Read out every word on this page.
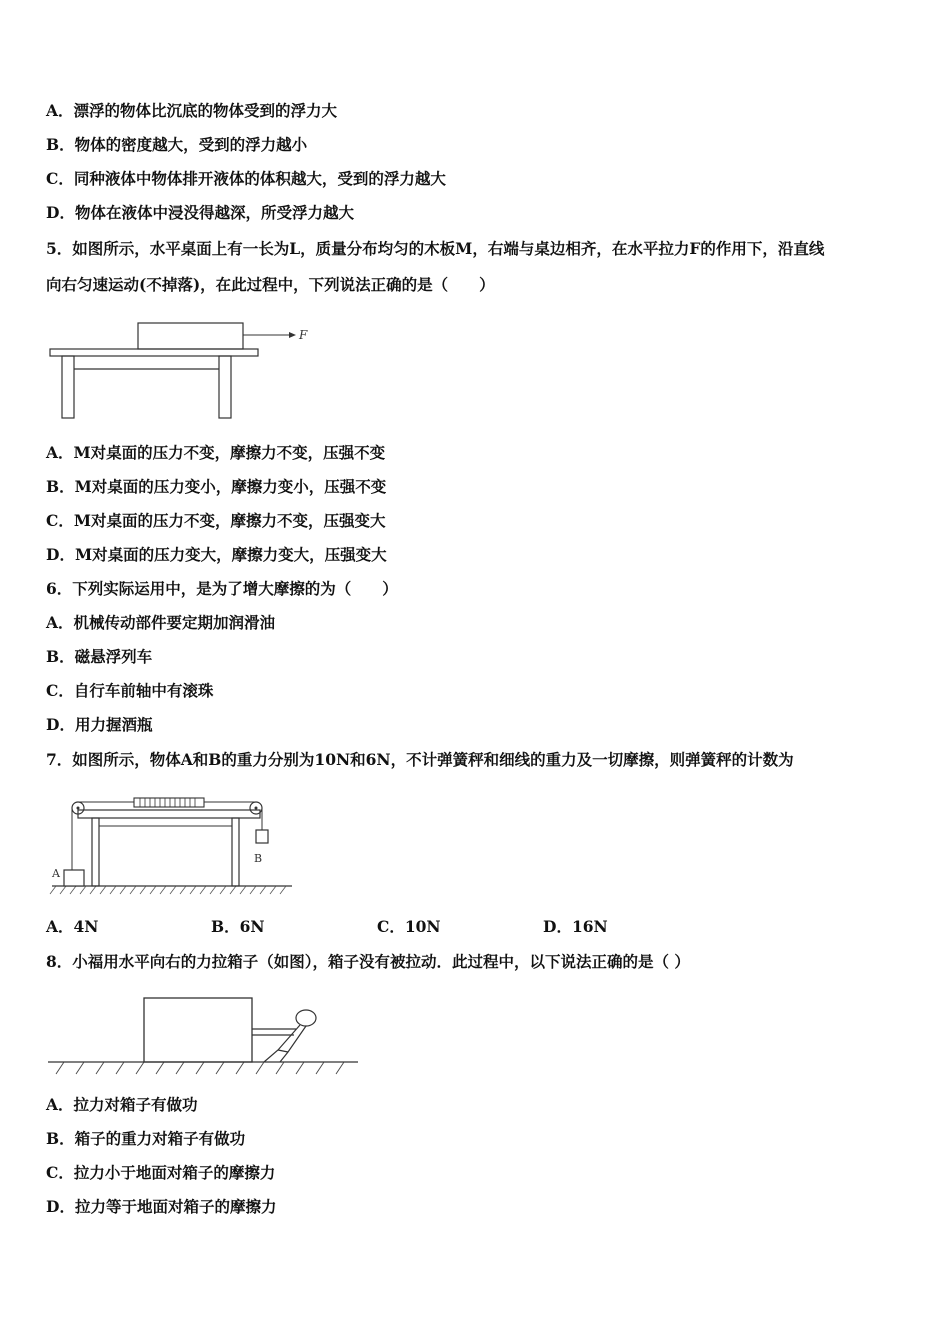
A．漂浮的物体比沉底的物体受到的浮力大
B．物体的密度越大，受到的浮力越小
C．同种液体中物体排开液体的体积越大，受到的浮力越大
D．物体在液体中浸没得越深，所受浮力越大
5．如图所示，水平桌面上有一长为L，质量分布均匀的木板M，右端与桌边相齐，在水平拉力F的作用下，沿直线
向右匀速运动(不掉落)，在此过程中，下列说法正确的是（　　）
F
A．M对桌面的压力不变，摩擦力不变，压强不变
B．M对桌面的压力变小，摩擦力变小，压强不变
C．M对桌面的压力不变，摩擦力不变，压强变大
D．M对桌面的压力变大，摩擦力变大，压强变大
6．下列实际运用中，是为了增大摩擦的为（　　）
A．机械传动部件要定期加润滑油
B．磁悬浮列车
C．自行车前轴中有滚珠
D．用力握酒瓶
7．如图所示，物体A和B的重力分别为10N和6N，不计弹簧秤和细线的重力及一切摩擦，则弹簧秤的计数为
A
B
A．4N	B．6N	C．10N	D．16N
8．小福用水平向右的力拉箱子（如图），箱子没有被拉动．此过程中，以下说法正确的是（ ）
A．拉力对箱子有做功
B．箱子的重力对箱子有做功
C．拉力小于地面对箱子的摩擦力
D．拉力等于地面对箱子的摩擦力
